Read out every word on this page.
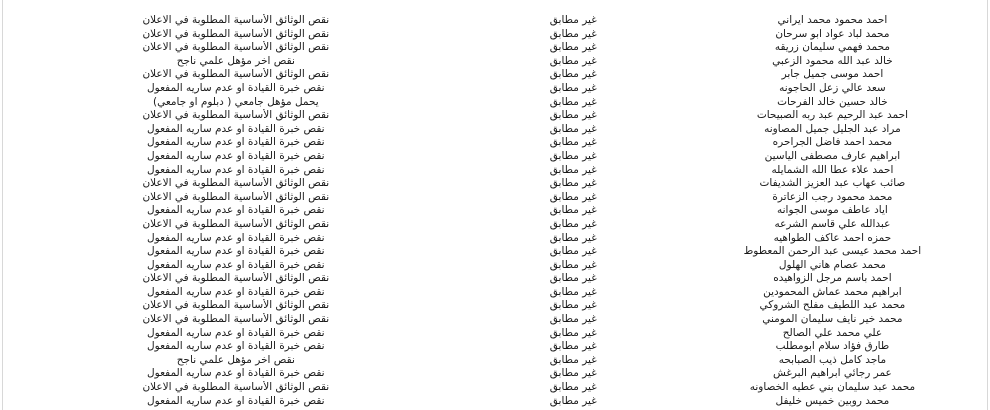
احمد محمود محمد ايراني	غير مطابق	نقص الوثائق الأساسية المطلوبة في الاعلان
محمد لباد عواد ابو سرحان	غير مطابق	نقص الوثائق الأساسية المطلوبة في الاعلان
محمد فهمي سليمان زريقه	غير مطابق	نقص الوثائق الأساسية المطلوبة في الاعلان
خالد عبد الله محمود الزعبي	غير مطابق	نقص اخر مؤهل علمي ناجح
احمد موسى جميل جابر	غير مطابق	نقص الوثائق الأساسية المطلوبة في الاعلان
سعد عالي زعل الحاجونه	غير مطابق	نقص خبرة القيادة او عدم ساريه المفعول
خالد حسين خالد الفرحات	غير مطابق	يحمل مؤهل جامعي ( دبلوم او جامعي)
احمد عبد الرحيم عبد ربه الصبيحات	غير مطابق	نقص الوثائق الأساسية المطلوبة في الاعلان
مراد عبد الجليل جميل المصاونه	غير مطابق	نقص خبرة القيادة او عدم ساريه المفعول
محمد احمد فاضل الجراحره	غير مطابق	نقص خبرة القيادة او عدم ساريه المفعول
ابراهيم عارف مصطفى الياسين	غير مطابق	نقص خبرة القيادة او عدم ساريه المفعول
احمد علاء عطا الله الشمايله	غير مطابق	نقص خبرة القيادة او عدم ساريه المفعول
صائب عهاب عبد العزيز الشديفات	غير مطابق	نقص الوثائق الأساسية المطلوبة في الاعلان
محمد محمود رجب الزعاترة	غير مطابق	نقص الوثائق الأساسية المطلوبة في الاعلان
اياد عاطف موسى الجوانه	غير مطابق	نقص خبرة القيادة او عدم ساريه المفعول
عبدالله علي قاسم الشرعه	غير مطابق	نقص الوثائق الأساسية المطلوبة في الاعلان
حمزه احمد عاكف الطواهيه	غير مطابق	نقص خبرة القيادة او عدم ساريه المفعول
احمد محمد عيسى عبد الرحمن المعطوط	غير مطابق	نقص خبرة القيادة او عدم ساريه المفعول
محمد عصام هاني الهلول	غير مطابق	نقص خبرة القيادة او عدم ساريه المفعول
احمد باسم مرجل الزواهيده	غير مطابق	نقص الوثائق الأساسية المطلوبة في الاعلان
ابراهيم محمد عماش المحمودين	غير مطابق	نقص خبرة القيادة او عدم ساريه المفعول
محمد عبد اللطيف مفلح الشروكي	غير مطابق	نقص الوثائق الأساسية المطلوبة في الاعلان
محمد خير نايف سليمان المومني	غير مطابق	نقص الوثائق الأساسية المطلوبة في الاعلان
علي محمد علي الصالح	غير مطابق	نقص خبرة القيادة او عدم ساريه المفعول
طارق فؤاد سلام ابومطلب	غير مطابق	نقص خبرة القيادة او عدم ساريه المفعول
ماجد كامل ذيب الصبابحه	غير مطابق	نقص اخر مؤهل علمي ناجح
عمر رجائي ابراهيم البرغش	غير مطابق	نقص خبرة القيادة او عدم ساريه المفعول
محمد عبد سليمان بني عطيه الخصاونه	غير مطابق	نقص الوثائق الأساسية المطلوبة في الاعلان
محمد روبين خميس خليفل	غير مطابق	نقص خبرة القيادة او عدم ساريه المفعول
